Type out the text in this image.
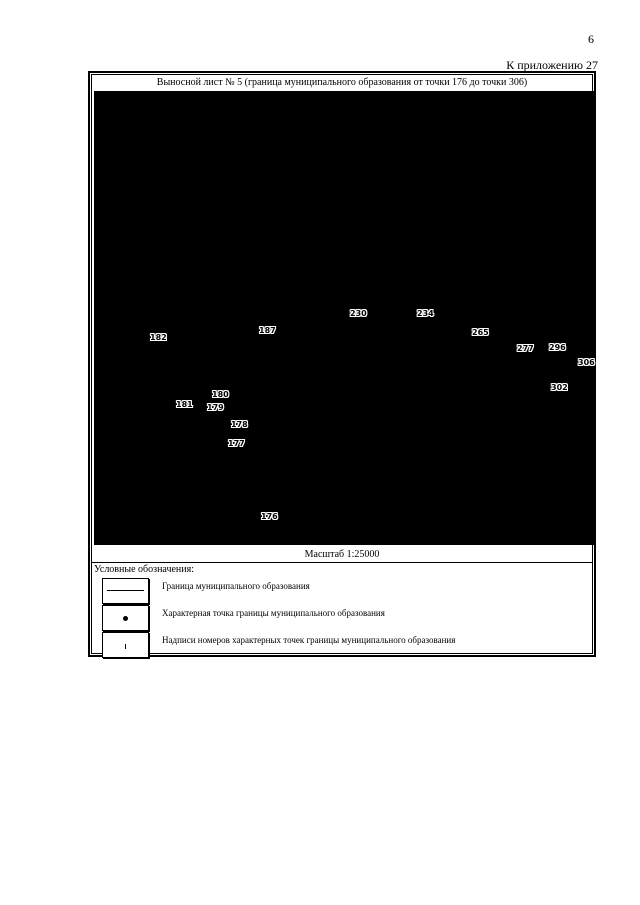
6
К приложению 27
Выносной лист № 5 (граница муниципального образования от точки 176 до точки 306)
182
187
230	234
265
277 296
306
302
180
181 179
178
177
176
Масштаб 1:25000
Условные обозначения:
Граница муниципального образования
Характерная точка границы муниципального образования
Надписи номеров характерных точек границы муниципального образования
